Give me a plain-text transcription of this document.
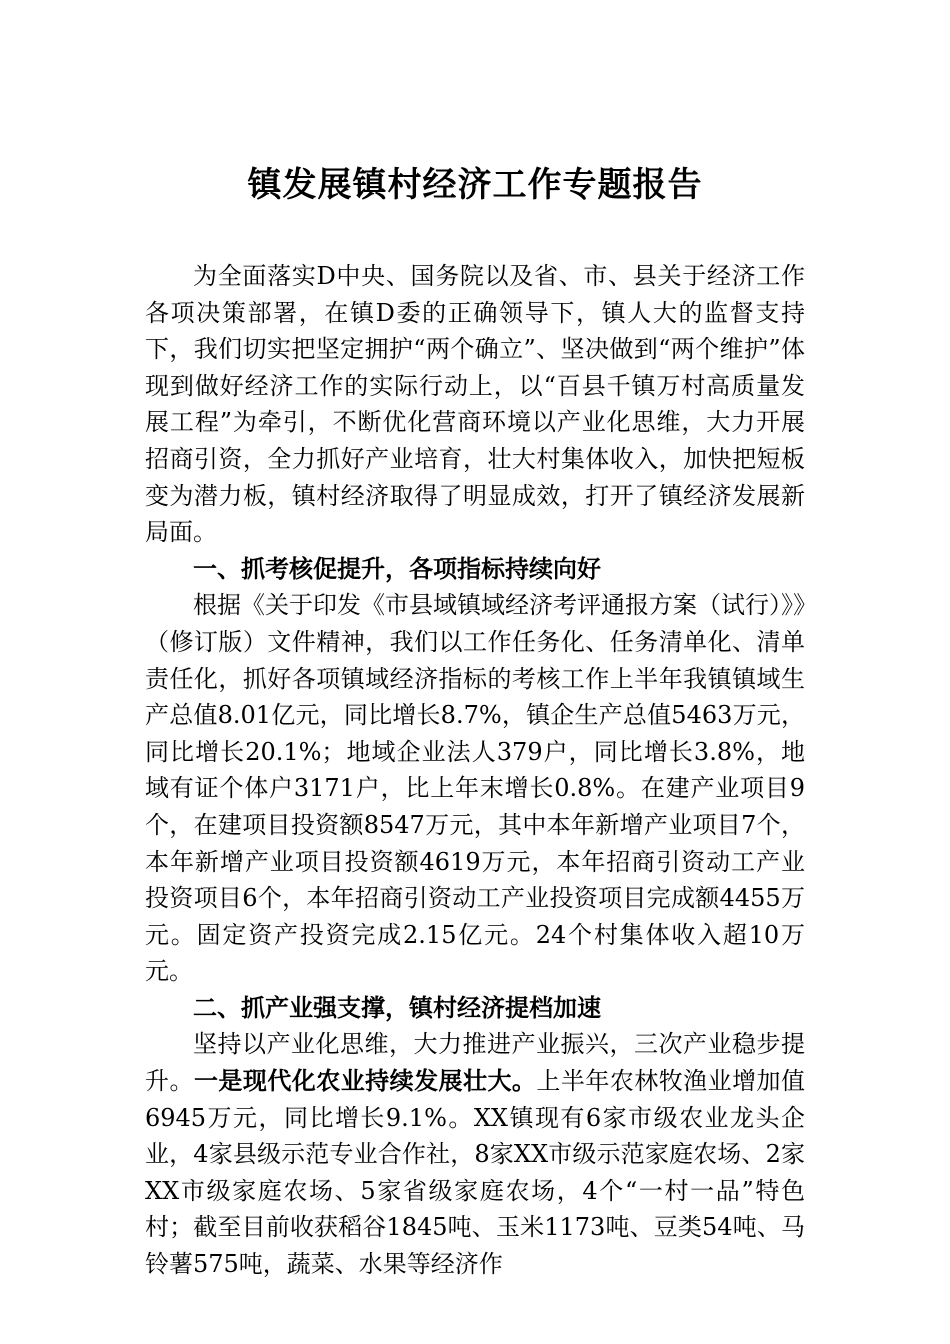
镇发展镇村经济工作专题报告

为全面落实D中央、国务院以及省、市、县关于经济工作各项决策部署，在镇D委的正确领导下，镇人大的监督支持下，我们切实把坚定拥护“两个确立”、坚决做到“两个维护”体现到做好经济工作的实际行动上，以“百县千镇万村高质量发展工程”为牵引，不断优化营商环境以产业化思维，大力开展招商引资，全力抓好产业培育，壮大村集体收入，加快把短板变为潜力板，镇村经济取得了明显成效，打开了镇经济发展新局面。

一、抓考核促提升，各项指标持续向好

根据《关于印发《市县域镇域经济考评通报方案（试行）》》（修订版）文件精神，我们以工作任务化、任务清单化、清单责任化，抓好各项镇域经济指标的考核工作上半年我镇镇域生产总值8.01亿元，同比增长8.7%，镇企生产总值5463万元，同比增长20.1%；地域企业法人379户，同比增长3.8%，地域有证个体户3171户，比上年末增长0.8%。在建产业项目9个，在建项目投资额8547万元，其中本年新增产业项目7个，本年新增产业项目投资额4619万元，本年招商引资动工产业投资项目6个，本年招商引资动工产业投资项目完成额4455万元。固定资产投资完成2.15亿元。24个村集体收入超10万元。

二、抓产业强支撑，镇村经济提档加速

坚持以产业化思维，大力推进产业振兴，三次产业稳步提升。一是现代化农业持续发展壮大。上半年农林牧渔业增加值6945万元，同比增长9.1%。XX镇现有6家市级农业龙头企业，4家县级示范专业合作社，8家XX市级示范家庭农场、2家XX市级家庭农场、5家省级家庭农场，4个“一村一品”特色村；截至目前收获稻谷1845吨、玉米1173吨、豆类54吨、马铃薯575吨，蔬菜、水果等经济作
